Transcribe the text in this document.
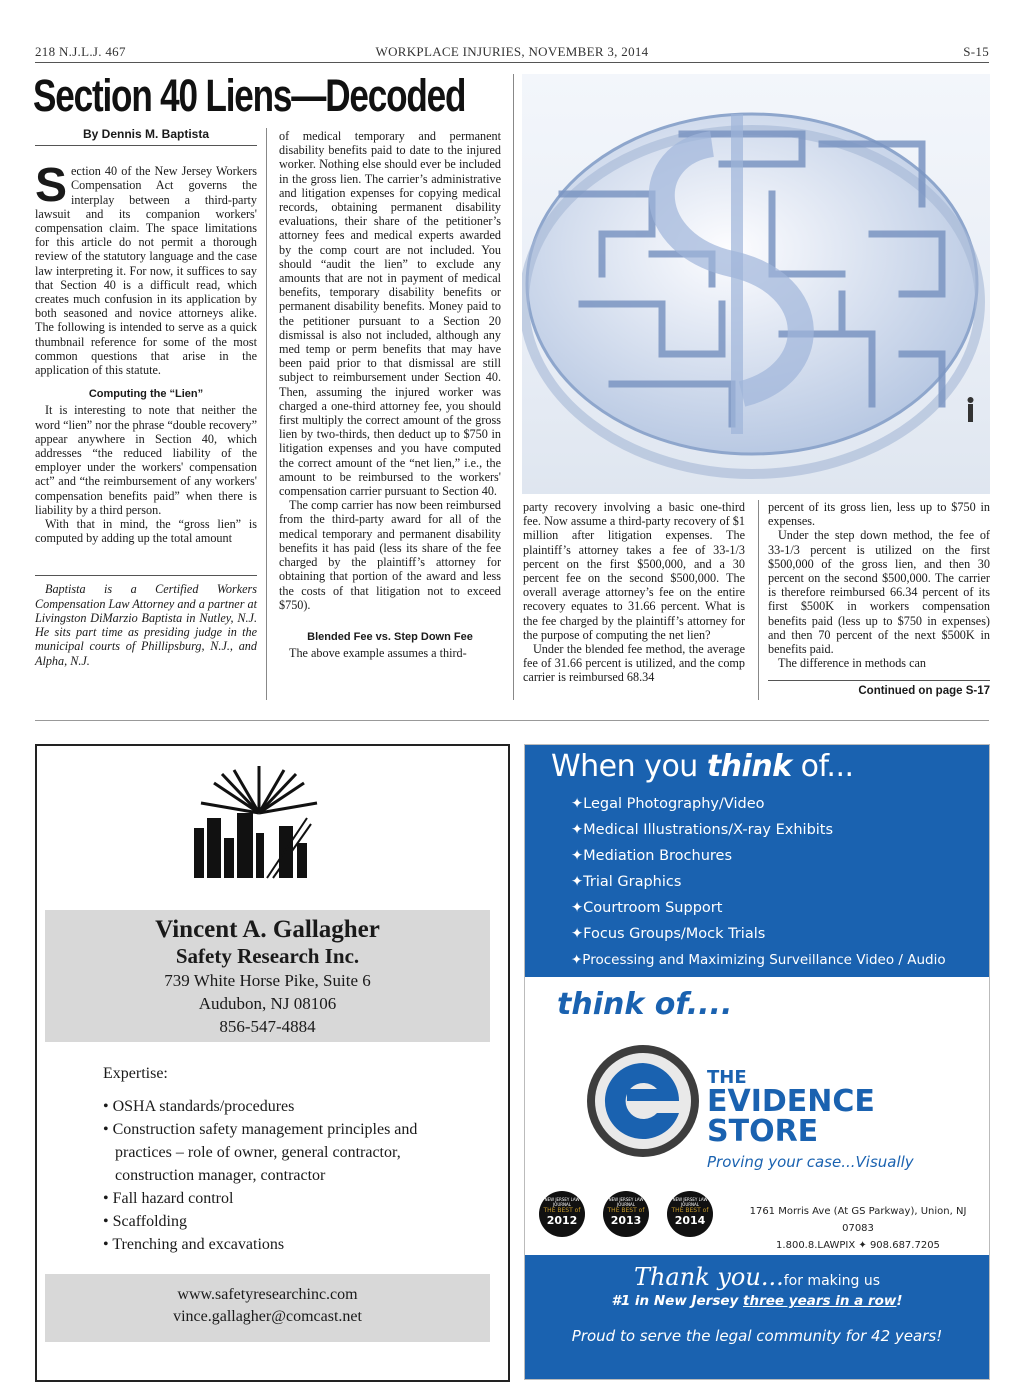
218 N.J.L.J. 467	WORKPLACE INJURIES, NOVEMBER 3, 2014	S-15
Section 40 Liens—Decoded
By Dennis M. Baptista

Section 40 of the New Jersey Workers Compensation Act governs the interplay between a third-party lawsuit and its companion workers' compensation claim. The space limitations for this article do not permit a thorough review of the statutory language and the case law interpreting it. For now, it suffices to say that Section 40 is a difficult read, which creates much confusion in its application by both seasoned and novice attorneys alike. The following is intended to serve as a quick thumbnail reference for some of the most common questions that arise in the application of this statute.

Computing the “Lien”

It is interesting to note that neither the word “lien” nor the phrase “double recovery” appear anywhere in Section 40, which addresses “the reduced liability of the employer under the workers' compensation act” and “the reimbursement of any workers' compensation benefits paid” when there is liability by a third person.

With that in mind, the “gross lien” is computed by adding up the total amount

Baptista is a Certified Workers Compensation Law Attorney and a partner at Livingston DiMarzio Baptista in Nutley, N.J. He sits part time as presiding judge in the municipal courts of Phillipsburg, N.J., and Alpha, N.J.

of medical temporary and permanent disability benefits paid to date to the injured worker. Nothing else should ever be included in the gross lien. The carrier’s administrative and litigation expenses for copying medical records, obtaining permanent disability evaluations, their share of the petitioner’s attorney fees and medical experts awarded by the comp court are not included. You should “audit the lien” to exclude any amounts that are not in payment of medical benefits, temporary disability benefits or permanent disability benefits. Money paid to the petitioner pursuant to a Section 20 dismissal is also not included, although any med temp or perm benefits that may have been paid prior to that dismissal are still subject to reimbursement under Section 40. Then, assuming the injured worker was charged a one-third attorney fee, you should first multiply the correct amount of the gross lien by two-thirds, then deduct up to $750 in litigation expenses and you have computed the correct amount of the “net lien,” i.e., the amount to be reimbursed to the workers' compensation carrier pursuant to Section 40.

The comp carrier has now been reimbursed from the third-party award for all of the medical temporary and permanent disability benefits it has paid (less its share of the fee charged by the plaintiff’s attorney for obtaining that portion of the award and less the costs of that litigation not to exceed $750).

Blended Fee vs. Step Down Fee

The above example assumes a third-

party recovery involving a basic one-third fee. Now assume a third-party recovery of $1 million after litigation expenses. The plaintiff’s attorney takes a fee of 33-1/3 percent on the first $500,000, and a 30 percent fee on the second $500,000. The overall average attorney’s fee on the entire recovery equates to 31.66 percent. What is the fee charged by the plaintiff’s attorney for the purpose of computing the net lien?

Under the blended fee method, the average fee of 31.66 percent is utilized, and the comp carrier is reimbursed 68.34

percent of its gross lien, less up to $750 in expenses.

Under the step down method, the fee of 33-1/3 percent is utilized on the first $500,000 of the gross lien, and then 30 percent on the second $500,000. The carrier is therefore reimbursed 66.34 percent of its first $500K in workers compensation benefits paid (less up to $750 in expenses) and then 70 percent of the next $500K in benefits paid.

The difference in methods can

Continued on page S-17
Vincent A. Gallagher
Safety Research Inc.
739 White Horse Pike, Suite 6
Audubon, NJ 08106
856-547-4884
Expertise:
• OSHA standards/procedures
• Construction safety management principles and
practices – role of owner, general contractor,
construction manager, contractor
• Fall hazard control
• Scaffolding
• Trenching and excavations
www.safetyresearchinc.com
vince.gallagher@comcast.net
When you think of...
✦Legal Photography/Video
✦Medical Illustrations/X-ray Exhibits
✦Mediation Brochures
✦Trial Graphics
✦Courtroom Support
✦Focus Groups/Mock Trials
✦Processing and Maximizing Surveillance Video / Audio
think of....
THE
EVIDENCE
STORE
Proving your case...Visually
NEW JERSEY LAW JOURNAL
THE BEST of
2012
NEW JERSEY LAW JOURNAL
THE BEST of
2013
NEW JERSEY LAW JOURNAL
THE BEST of
2014
1761 Morris Ave (At GS Parkway), Union, NJ 07083
1.800.8.LAWPIX ✦ 908.687.7205
Thank you...for making us
#1 in New Jersey three years in a row!
Proud to serve the legal community for 42 years!
